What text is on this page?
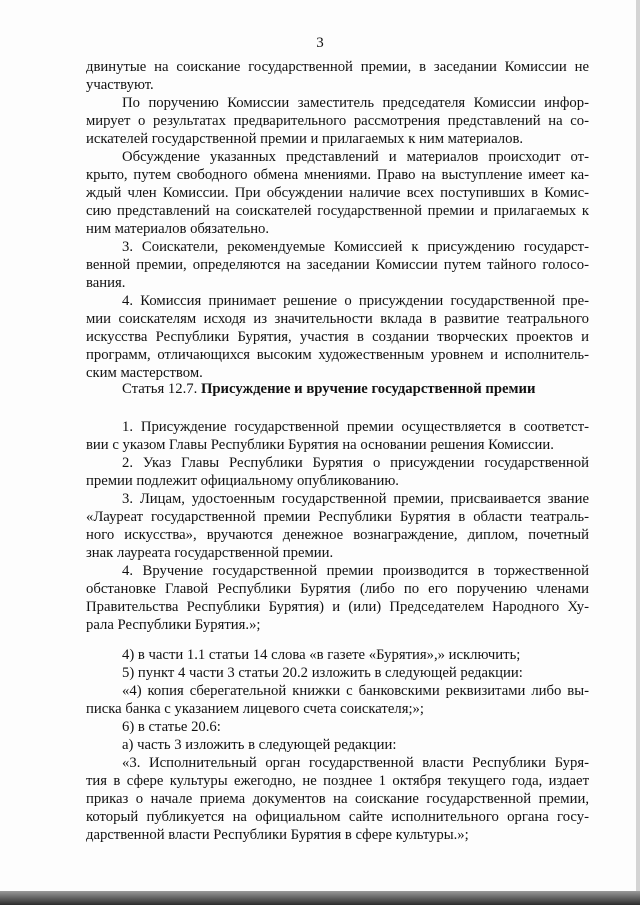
3
двинутые на соискание государственной премии, в заседании Комиссии не
участвуют.
По поручению Комиссии заместитель председателя Комиссии инфор-
мирует о результатах предварительного рассмотрения представлений на со-
искателей государственной премии и прилагаемых к ним материалов.
Обсуждение указанных представлений и материалов происходит от-
крыто, путем свободного обмена мнениями. Право на выступление имеет ка-
ждый член Комиссии. При обсуждении наличие всех поступивших в Комис-
сию представлений на соискателей государственной премии и прилагаемых к
ним материалов обязательно.
3. Соискатели, рекомендуемые Комиссией к присуждению государст-
венной премии, определяются на заседании Комиссии путем тайного голосо-
вания.
4. Комиссия принимает решение о присуждении государственной пре-
мии соискателям исходя из значительности вклада в развитие театрального
искусства Республики Бурятия, участия в создании творческих проектов и
программ, отличающихся высоким художественным уровнем и исполнитель-
ским мастерством.
Статья 12.7. Присуждение и вручение государственной премии
1. Присуждение государственной премии осуществляется в соответст-
вии с указом Главы Республики Бурятия на основании решения Комиссии.
2. Указ Главы Республики Бурятия о присуждении государственной
премии подлежит официальному опубликованию.
3. Лицам, удостоенным государственной премии, присваивается звание
«Лауреат государственной премии Республики Бурятия в области театраль-
ного искусства», вручаются денежное вознаграждение, диплом, почетный
знак лауреата государственной премии.
4. Вручение государственной премии производится в торжественной
обстановке Главой Республики Бурятия (либо по его поручению членами
Правительства Республики Бурятия) и (или) Председателем Народного Ху-
рала Республики Бурятия.»;
4) в части 1.1 статьи 14 слова «в газете «Бурятия»,» исключить;
5) пункт 4 части 3 статьи 20.2 изложить в следующей редакции:
«4) копия сберегательной книжки с банковскими реквизитами либо вы-
писка банка с указанием лицевого счета соискателя;»;
6) в статье 20.6:
а) часть 3 изложить в следующей редакции:
«3. Исполнительный орган государственной власти Республики Буря-
тия в сфере культуры ежегодно, не позднее 1 октября текущего года, издает
приказ о начале приема документов на соискание государственной премии,
который публикуется на официальном сайте исполнительного органа госу-
дарственной власти Республики Бурятия в сфере культуры.»;
